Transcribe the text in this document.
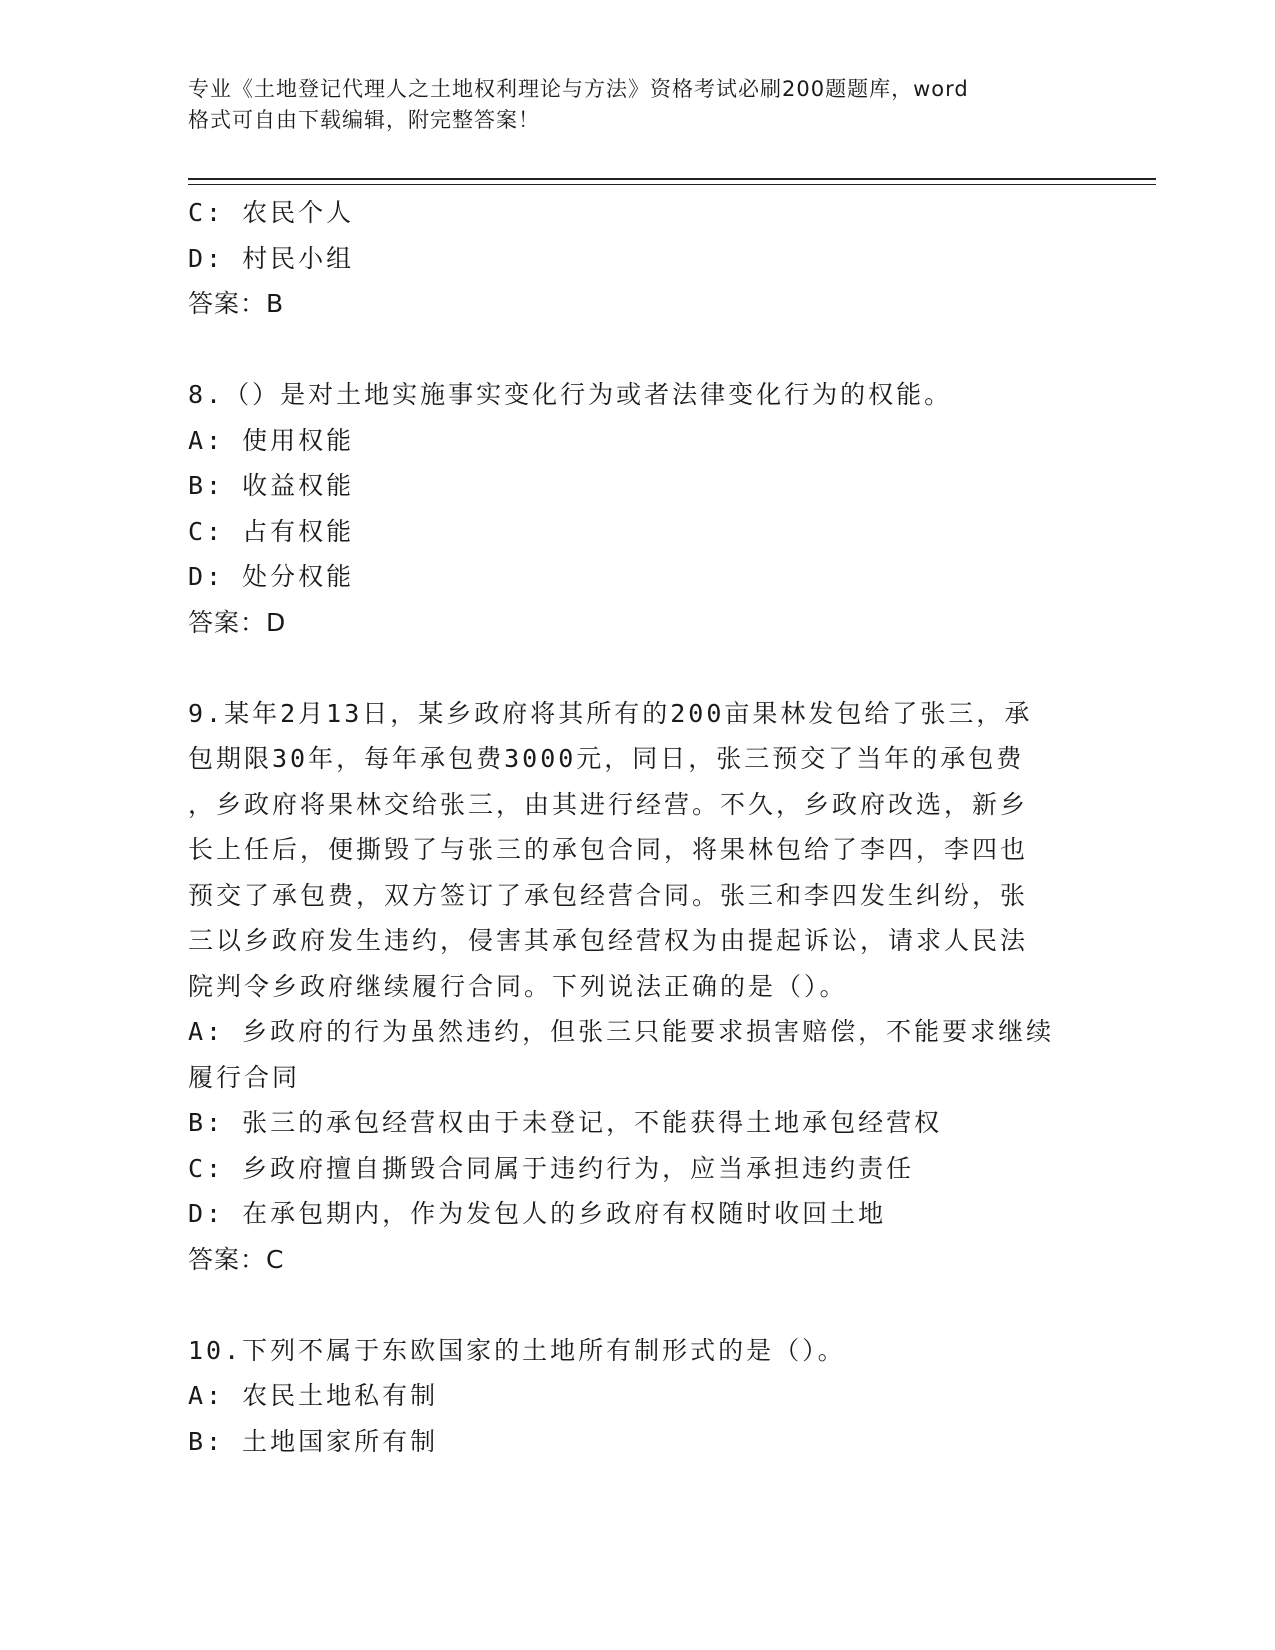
专业《土地登记代理人之土地权利理论与方法》资格考试必刷200题题库，word
格式可自由下载编辑，附完整答案！
C: 农民个人
D: 村民小组
答案：B
8.（）是对土地实施事实变化行为或者法律变化行为的权能。
A: 使用权能
B: 收益权能
C: 占有权能
D: 处分权能
答案：D
9.某年2月13日，某乡政府将其所有的200亩果林发包给了张三，承
包期限30年，每年承包费3000元，同日，张三预交了当年的承包费
，乡政府将果林交给张三，由其进行经营。不久，乡政府改选，新乡
长上任后，便撕毁了与张三的承包合同，将果林包给了李四，李四也
预交了承包费，双方签订了承包经营合同。张三和李四发生纠纷，张
三以乡政府发生违约，侵害其承包经营权为由提起诉讼，请求人民法
院判令乡政府继续履行合同。下列说法正确的是（）。
A: 乡政府的行为虽然违约，但张三只能要求损害赔偿，不能要求继续
履行合同
B: 张三的承包经营权由于未登记，不能获得土地承包经营权
C: 乡政府擅自撕毁合同属于违约行为，应当承担违约责任
D: 在承包期内，作为发包人的乡政府有权随时收回土地
答案：C
10.下列不属于东欧国家的土地所有制形式的是（）。
A: 农民土地私有制
B: 土地国家所有制
